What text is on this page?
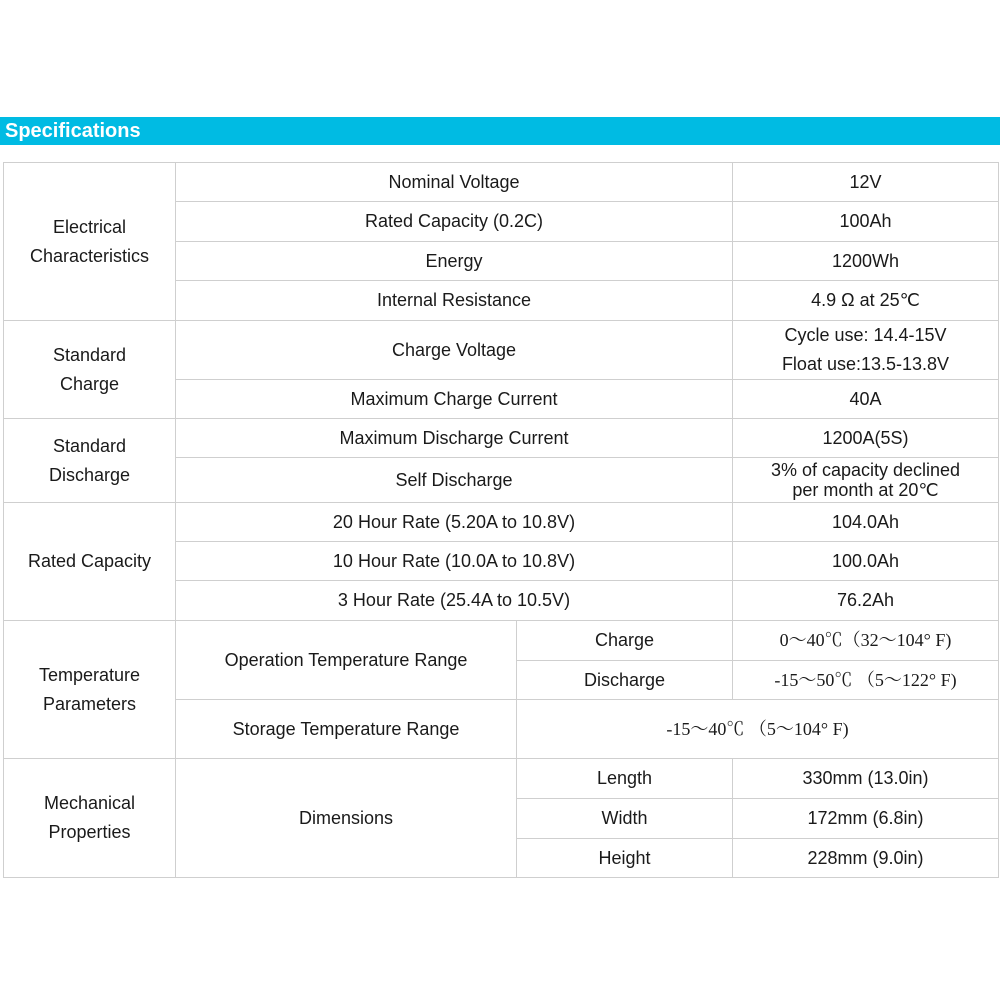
Specifications
Electrical
Characteristics	Nominal Voltage		12V
	Rated Capacity (0.2C)		100Ah
	Energy		1200Wh
	Internal Resistance		4.9 Ω at 25℃

Standard
Charge	Charge Voltage		Cycle use: 14.4-15V
Float use:13.5-13.8V

	Maximum Charge Current		40A

Standard
Discharge	Maximum Discharge Current		1200A(5S)
	Self Discharge		3% of capacity declined
per month at 20℃

Rated Capacity	20 Hour Rate (5.20A to 10.8V)		104.0Ah
	10 Hour Rate (10.0A to 10.8V)		100.0Ah
	3 Hour Rate (25.4A to 10.5V)		76.2Ah

Temperature
Parameters	Operation Temperature Range	Charge	0～40℃（32～104° F)
		Discharge	-15～50℃ （5～122° F)
	Storage Temperature Range	-15～40℃ （5～104° F)	

Mechanical
Properties	Dimensions	Length	330mm (13.0in)
		Width	172mm (6.8in)
		Height	228mm (9.0in)
